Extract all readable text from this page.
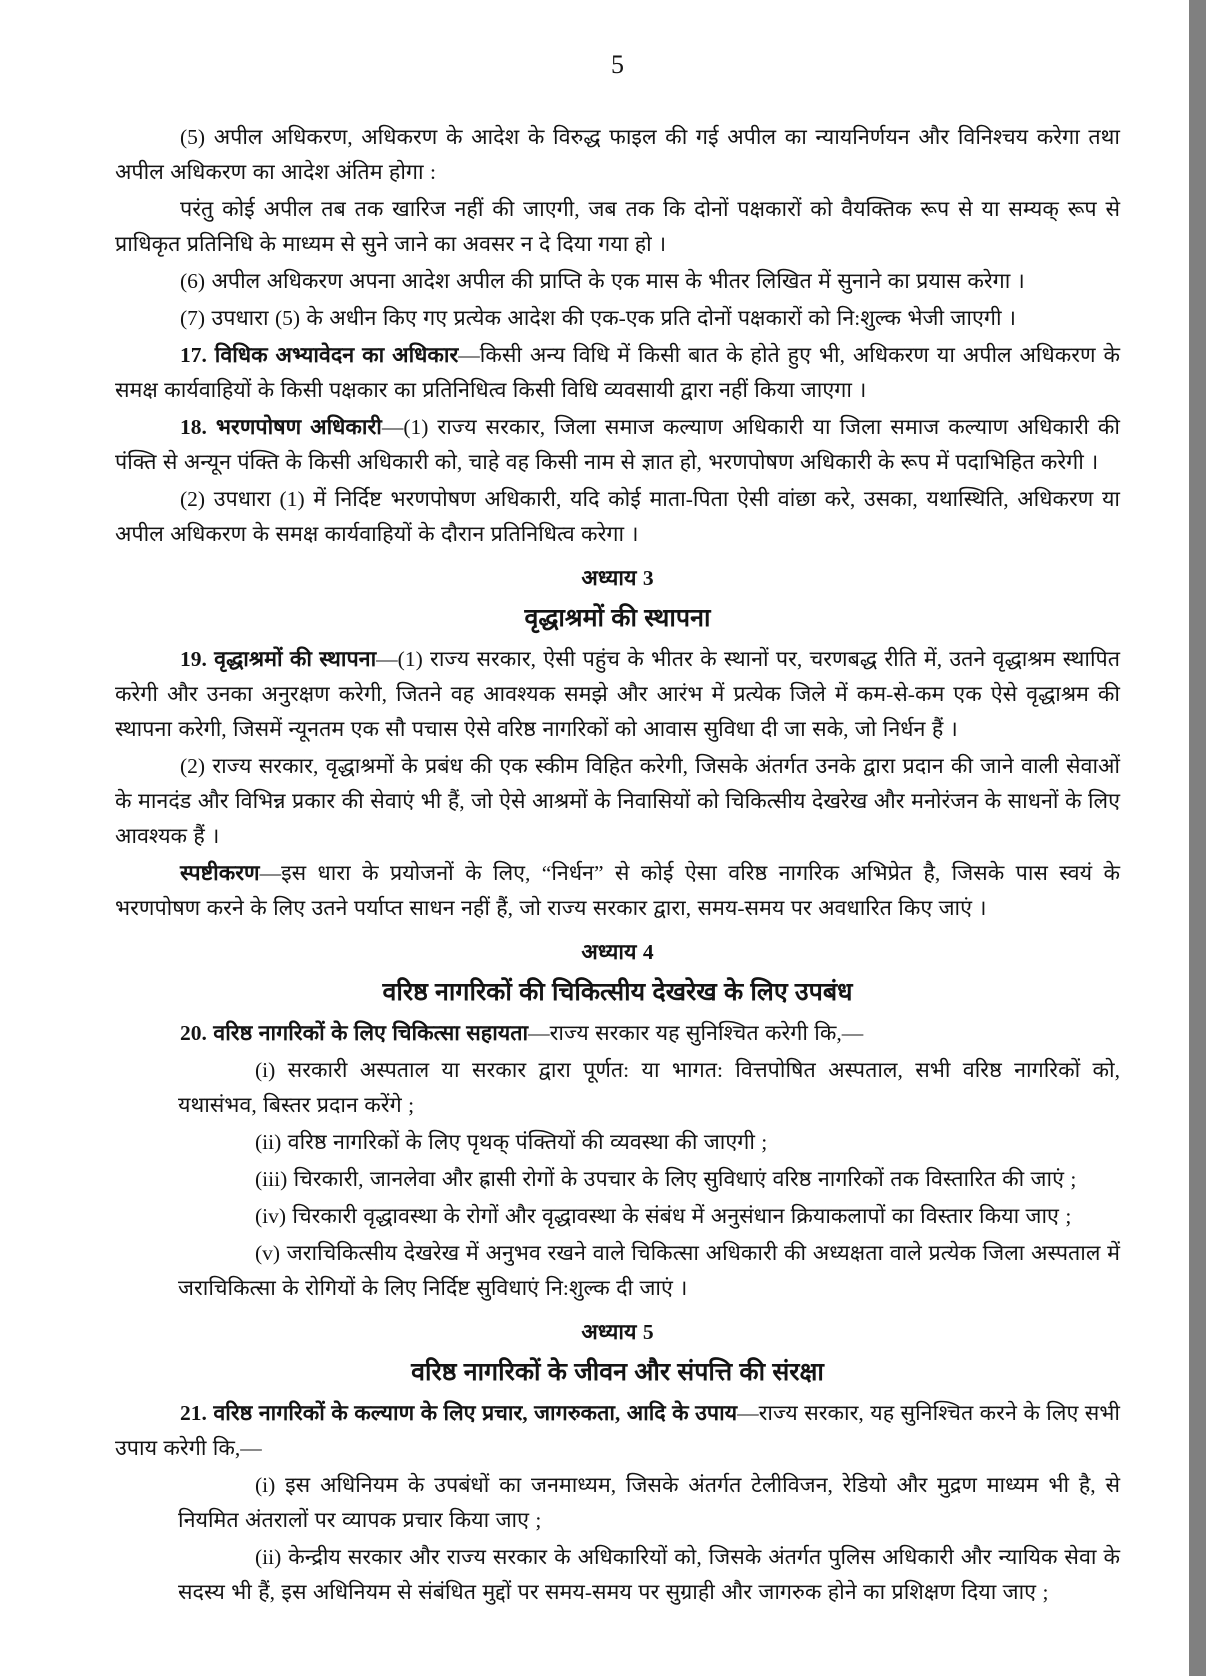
5

(5) अपील अधिकरण, अधिकरण के आदेश के विरुद्ध फाइल की गई अपील का न्यायनिर्णयन और विनिश्चय करेगा तथा अपील अधिकरण का आदेश अंतिम होगा :

परंतु कोई अपील तब तक खारिज नहीं की जाएगी, जब तक कि दोनों पक्षकारों को वैयक्तिक रूप से या सम्यक् रूप से प्राधिकृत प्रतिनिधि के माध्यम से सुने जाने का अवसर न दे दिया गया हो ।

(6) अपील अधिकरण अपना आदेश अपील की प्राप्ति के एक मास के भीतर लिखित में सुनाने का प्रयास करेगा ।

(7) उपधारा (5) के अधीन किए गए प्रत्येक आदेश की एक-एक प्रति दोनों पक्षकारों को नि:शुल्क भेजी जाएगी ।

17. विधिक अभ्यावेदन का अधिकार—किसी अन्य विधि में किसी बात के होते हुए भी, अधिकरण या अपील अधिकरण के समक्ष कार्यवाहियों के किसी पक्षकार का प्रतिनिधित्व किसी विधि व्यवसायी द्वारा नहीं किया जाएगा ।

18. भरणपोषण अधिकारी—(1) राज्य सरकार, जिला समाज कल्याण अधिकारी या जिला समाज कल्याण अधिकारी की पंक्ति से अन्यून पंक्ति के किसी अधिकारी को, चाहे वह किसी नाम से ज्ञात हो, भरणपोषण अधिकारी के रूप में पदाभिहित करेगी ।

(2) उपधारा (1) में निर्दिष्ट भरणपोषण अधिकारी, यदि कोई माता-पिता ऐसी वांछा करे, उसका, यथास्थिति, अधिकरण या अपील अधिकरण के समक्ष कार्यवाहियों के दौरान प्रतिनिधित्व करेगा ।

अध्याय 3

वृद्धाश्रमों की स्थापना

19. वृद्धाश्रमों की स्थापना—(1) राज्य सरकार, ऐसी पहुंच के भीतर के स्थानों पर, चरणबद्ध रीति में, उतने वृद्धाश्रम स्थापित करेगी और उनका अनुरक्षण करेगी, जितने वह आवश्यक समझे और आरंभ में प्रत्येक जिले में कम-से-कम एक ऐसे वृद्धाश्रम की स्थापना करेगी, जिसमें न्यूनतम एक सौ पचास ऐसे वरिष्ठ नागरिकों को आवास सुविधा दी जा सके, जो निर्धन हैं ।

(2) राज्य सरकार, वृद्धाश्रमों के प्रबंध की एक स्कीम विहित करेगी, जिसके अंतर्गत उनके द्वारा प्रदान की जाने वाली सेवाओं के मानदंड और विभिन्न प्रकार की सेवाएं भी हैं, जो ऐसे आश्रमों के निवासियों को चिकित्सीय देखरेख और मनोरंजन के साधनों के लिए आवश्यक हैं ।

स्पष्टीकरण—इस धारा के प्रयोजनों के लिए, “निर्धन” से कोई ऐसा वरिष्ठ नागरिक अभिप्रेत है, जिसके पास स्वयं के भरणपोषण करने के लिए उतने पर्याप्त साधन नहीं हैं, जो राज्य सरकार द्वारा, समय-समय पर अवधारित किए जाएं ।

अध्याय 4

वरिष्ठ नागरिकों की चिकित्सीय देखरेख के लिए उपबंध

20. वरिष्ठ नागरिकों के लिए चिकित्सा सहायता—राज्य सरकार यह सुनिश्चित करेगी कि,—

(i) सरकारी अस्पताल या सरकार द्वारा पूर्णत: या भागत: वित्तपोषित अस्पताल, सभी वरिष्ठ नागरिकों को, यथासंभव, बिस्तर प्रदान करेंगे ;

(ii) वरिष्ठ नागरिकों के लिए पृथक् पंक्तियों की व्यवस्था की जाएगी ;

(iii) चिरकारी, जानलेवा और ह्रासी रोगों के उपचार के लिए सुविधाएं वरिष्ठ नागरिकों तक विस्तारित की जाएं ;

(iv) चिरकारी वृद्धावस्था के रोगों और वृद्धावस्था के संबंध में अनुसंधान क्रियाकलापों का विस्तार किया जाए ;

(v) जराचिकित्सीय देखरेख में अनुभव रखने वाले चिकित्सा अधिकारी की अध्यक्षता वाले प्रत्येक जिला अस्पताल में जराचिकित्सा के रोगियों के लिए निर्दिष्ट सुविधाएं नि:शुल्क दी जाएं ।

अध्याय 5

वरिष्ठ नागरिकों के जीवन और संपत्ति की संरक्षा

21. वरिष्ठ नागरिकों के कल्याण के लिए प्रचार, जागरुकता, आदि के उपाय—राज्य सरकार, यह सुनिश्चित करने के लिए सभी उपाय करेगी कि,—

(i) इस अधिनियम के उपबंधों का जनमाध्यम, जिसके अंतर्गत टेलीविजन, रेडियो और मुद्रण माध्यम भी है, से नियमित अंतरालों पर व्यापक प्रचार किया जाए ;

(ii) केन्द्रीय सरकार और राज्य सरकार के अधिकारियों को, जिसके अंतर्गत पुलिस अधिकारी और न्यायिक सेवा के सदस्य भी हैं, इस अधिनियम से संबंधित मुद्दों पर समय-समय पर सुग्राही और जागरुक होने का प्रशिक्षण दिया जाए ;
